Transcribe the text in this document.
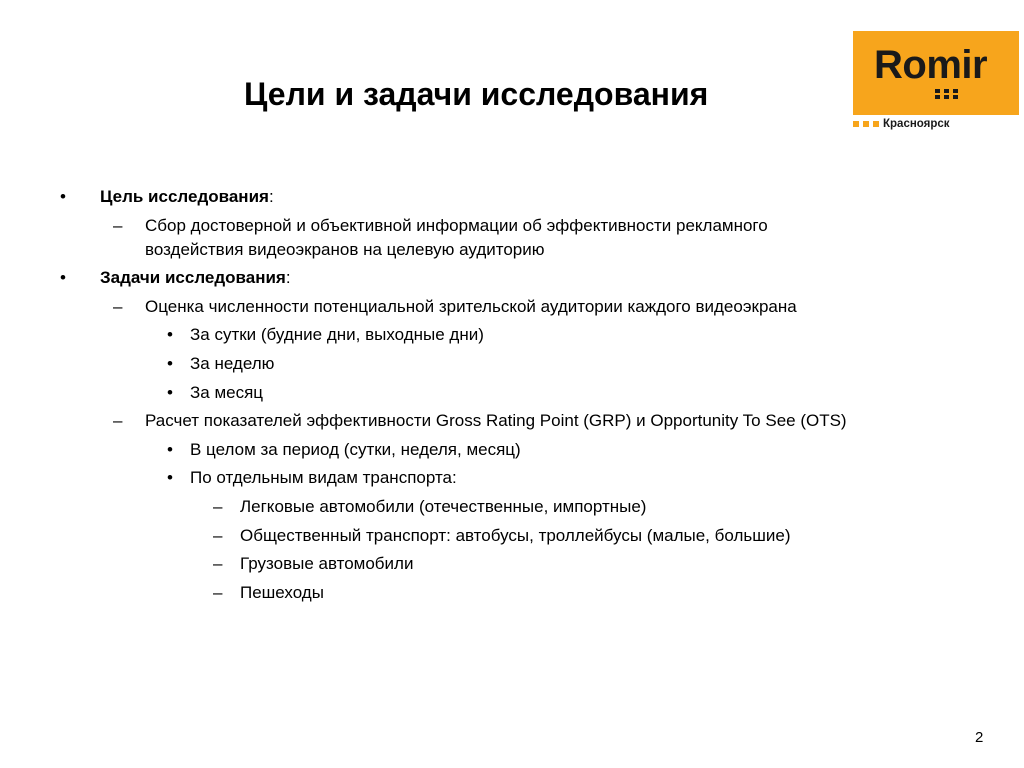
Цели и задачи исследования
Romir
Красноярск
• Цель исследования:
– Сбор достоверной и объективной информации об эффективности рекламного
воздействия видеоэкранов на целевую аудиторию
• Задачи исследования:
– Оценка численности потенциальной зрительской аудитории каждого видеоэкрана
• За сутки (будние дни, выходные дни)
• За неделю
• За месяц
– Расчет показателей эффективности Gross Rating Point (GRP) и Opportunity To See (OTS)
• В целом за период (сутки, неделя, месяц)
• По отдельным видам транспорта:
– Легковые автомобили (отечественные, импортные)
– Общественный транспорт: автобусы, троллейбусы (малые, большие)
– Грузовые автомобили
– Пешеходы
2
